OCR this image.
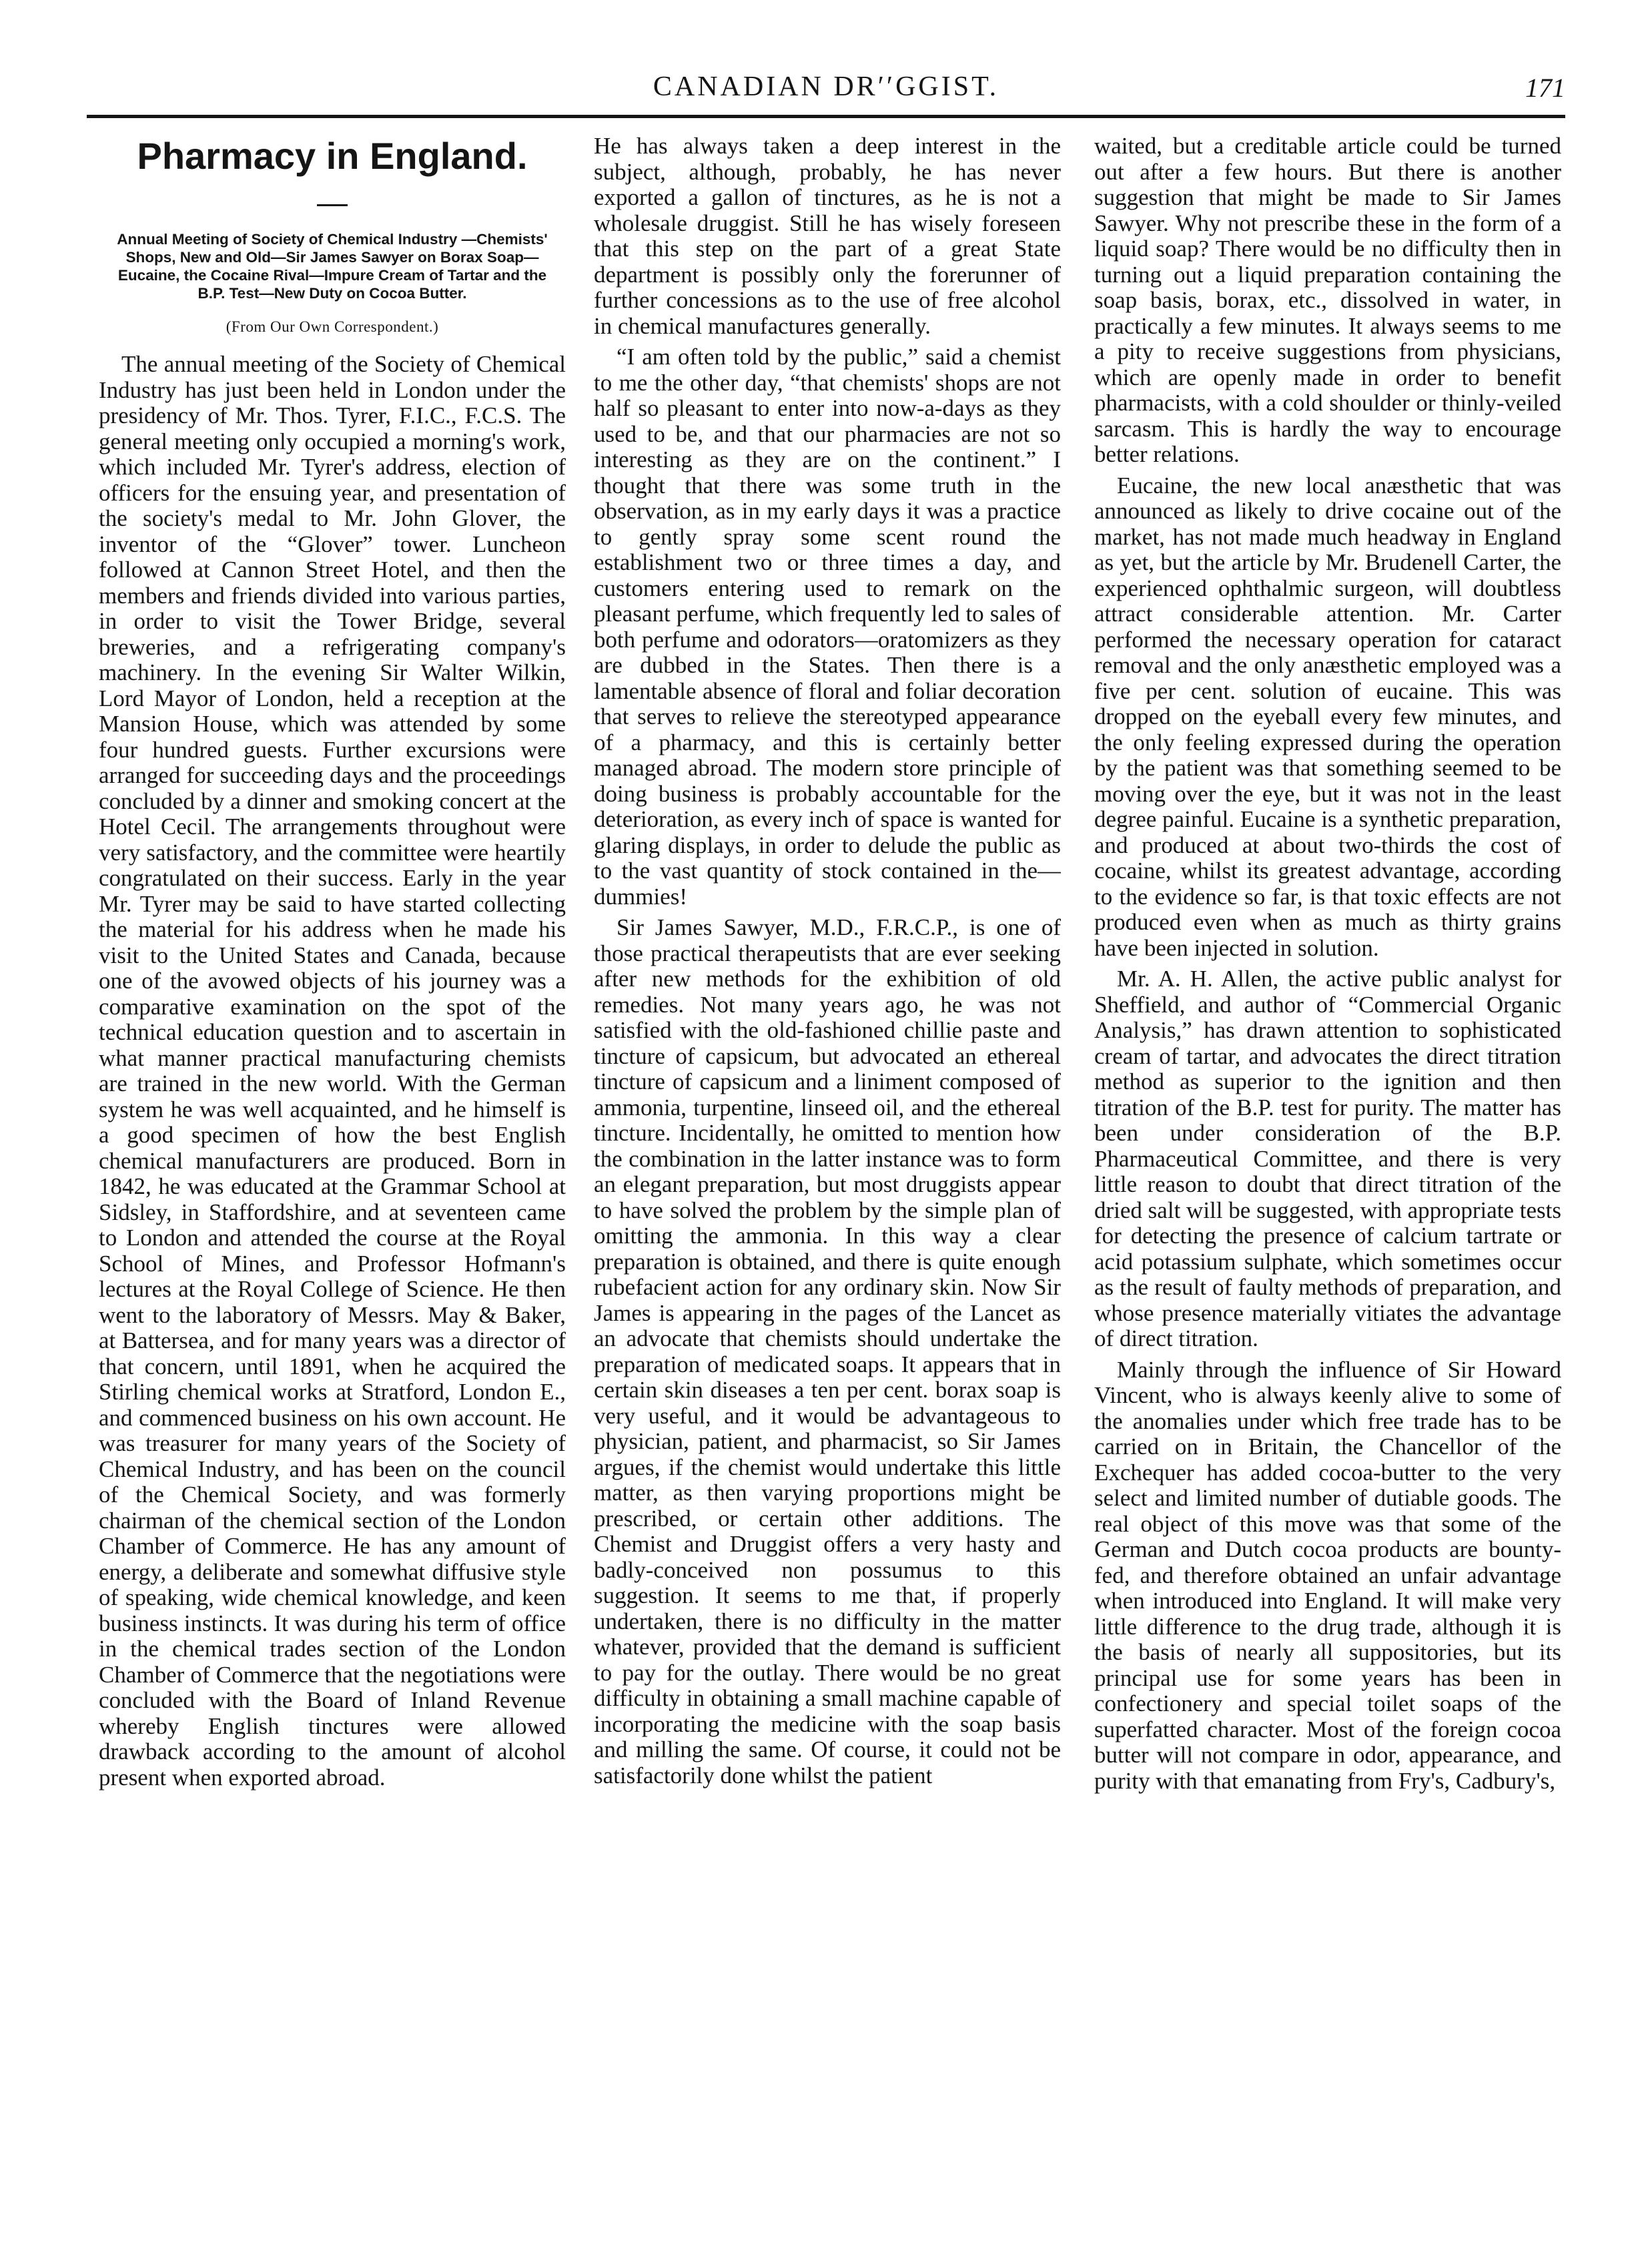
CANADIAN DRʹʹGGIST.	171
Pharmacy in England.
Annual Meeting of Society of Chemical Industry —Chemists' Shops, New and Old—Sir James Sawyer on Borax Soap—Eucaine, the Cocaine Rival—Impure Cream of Tartar and the B.P. Test—New Duty on Cocoa Butter.
(From Our Own Correspondent.)

The annual meeting of the Society of Chemical Industry has just been held in London under the presidency of Mr. Thos. Tyrer, F.I.C., F.C.S. The general meeting only occupied a morning's work, which included Mr. Tyrer's address, election of officers for the ensuing year, and presentation of the society's medal to Mr. John Glover, the inventor of the “Glover” tower. Luncheon followed at Cannon Street Hotel, and then the members and friends divided into various parties, in order to visit the Tower Bridge, several breweries, and a refrigerating company's machinery. In the evening Sir Walter Wilkin, Lord Mayor of London, held a reception at the Mansion House, which was attended by some four hundred guests. Further excursions were arranged for succeeding days and the proceedings concluded by a dinner and smoking concert at the Hotel Cecil. The arrangements throughout were very satisfactory, and the committee were heartily congratulated on their success. Early in the year Mr. Tyrer may be said to have started collecting the material for his address when he made his visit to the United States and Canada, because one of the avowed objects of his journey was a comparative examination on the spot of the technical education question and to ascertain in what manner practical manufacturing chemists are trained in the new world. With the German system he was well acquainted, and he himself is a good specimen of how the best English chemical manufacturers are produced. Born in 1842, he was educated at the Grammar School at Sidsley, in Staffordshire, and at seventeen came to London and attended the course at the Royal School of Mines, and Professor Hofmann's lectures at the Royal College of Science. He then went to the laboratory of Messrs. May & Baker, at Battersea, and for many years was a director of that concern, until 1891, when he acquired the Stirling chemical works at Stratford, London E., and commenced business on his own account. He was treasurer for many years of the Society of Chemical Industry, and has been on the council of the Chemical Society, and was formerly chairman of the chemical section of the London Chamber of Commerce. He has any amount of energy, a deliberate and somewhat diffusive style of speaking, wide chemical knowledge, and keen business instincts. It was during his term of office in the chemical trades section of the London Chamber of Commerce that the negotiations were concluded with the Board of Inland Revenue whereby English tinctures were allowed drawback according to the amount of alcohol present when exported abroad.

He has always taken a deep interest in the subject, although, probably, he has never exported a gallon of tinctures, as he is not a wholesale druggist. Still he has wisely foreseen that this step on the part of a great State department is possibly only the forerunner of further concessions as to the use of free alcohol in chemical manufactures generally.

“I am often told by the public,” said a chemist to me the other day, “that chemists' shops are not half so pleasant to enter into now-a-days as they used to be, and that our pharmacies are not so interesting as they are on the continent.” I thought that there was some truth in the observation, as in my early days it was a practice to gently spray some scent round the establishment two or three times a day, and customers entering used to remark on the pleasant perfume, which frequently led to sales of both perfume and odorators—oratomizers as they are dubbed in the States. Then there is a lamentable absence of floral and foliar decoration that serves to relieve the stereotyped appearance of a pharmacy, and this is certainly better managed abroad. The modern store principle of doing business is probably accountable for the deterioration, as every inch of space is wanted for glaring displays, in order to delude the public as to the vast quantity of stock contained in the—dummies!

Sir James Sawyer, M.D., F.R.C.P., is one of those practical therapeutists that are ever seeking after new methods for the exhibition of old remedies. Not many years ago, he was not satisfied with the old-fashioned chillie paste and tincture of capsicum, but advocated an ethereal tincture of capsicum and a liniment composed of ammonia, turpentine, linseed oil, and the ethereal tincture. Incidentally, he omitted to mention how the combination in the latter instance was to form an elegant preparation, but most druggists appear to have solved the problem by the simple plan of omitting the ammonia. In this way a clear preparation is obtained, and there is quite enough rubefacient action for any ordinary skin. Now Sir James is appearing in the pages of the Lancet as an advocate that chemists should undertake the preparation of medicated soaps. It appears that in certain skin diseases a ten per cent. borax soap is very useful, and it would be advantageous to physician, patient, and pharmacist, so Sir James argues, if the chemist would undertake this little matter, as then varying proportions might be prescribed, or certain other additions. The Chemist and Druggist offers a very hasty and badly-conceived non possumus to this suggestion. It seems to me that, if properly undertaken, there is no difficulty in the matter whatever, provided that the demand is sufficient to pay for the outlay. There would be no great difficulty in obtaining a small machine capable of incorporating the medicine with the soap basis and milling the same. Of course, it could not be satisfactorily done whilst the patient

waited, but a creditable article could be turned out after a few hours. But there is another suggestion that might be made to Sir James Sawyer. Why not prescribe these in the form of a liquid soap? There would be no difficulty then in turning out a liquid preparation containing the soap basis, borax, etc., dissolved in water, in practically a few minutes. It always seems to me a pity to receive suggestions from physicians, which are openly made in order to benefit pharmacists, with a cold shoulder or thinly-veiled sarcasm. This is hardly the way to encourage better relations.

Eucaine, the new local anæsthetic that was announced as likely to drive cocaine out of the market, has not made much headway in England as yet, but the article by Mr. Brudenell Carter, the experienced ophthalmic surgeon, will doubtless attract considerable attention. Mr. Carter performed the necessary operation for cataract removal and the only anæsthetic employed was a five per cent. solution of eucaine. This was dropped on the eyeball every few minutes, and the only feeling expressed during the operation by the patient was that something seemed to be moving over the eye, but it was not in the least degree painful. Eucaine is a synthetic preparation, and produced at about two-thirds the cost of cocaine, whilst its greatest advantage, according to the evidence so far, is that toxic effects are not produced even when as much as thirty grains have been injected in solution.

Mr. A. H. Allen, the active public analyst for Sheffield, and author of “Commercial Organic Analysis,” has drawn attention to sophisticated cream of tartar, and advocates the direct titration method as superior to the ignition and then titration of the B.P. test for purity. The matter has been under consideration of the B.P. Pharmaceutical Committee, and there is very little reason to doubt that direct titration of the dried salt will be suggested, with appropriate tests for detecting the presence of calcium tartrate or acid potassium sulphate, which sometimes occur as the result of faulty methods of preparation, and whose presence materially vitiates the advantage of direct titration.

Mainly through the influence of Sir Howard Vincent, who is always keenly alive to some of the anomalies under which free trade has to be carried on in Britain, the Chancellor of the Exchequer has added cocoa-butter to the very select and limited number of dutiable goods. The real object of this move was that some of the German and Dutch cocoa products are bounty-fed, and therefore obtained an unfair advantage when introduced into England. It will make very little difference to the drug trade, although it is the basis of nearly all suppositories, but its principal use for some years has been in confectionery and special toilet soaps of the superfatted character. Most of the foreign cocoa butter will not compare in odor, appearance, and purity with that emanating from Fry's, Cadbury's,
